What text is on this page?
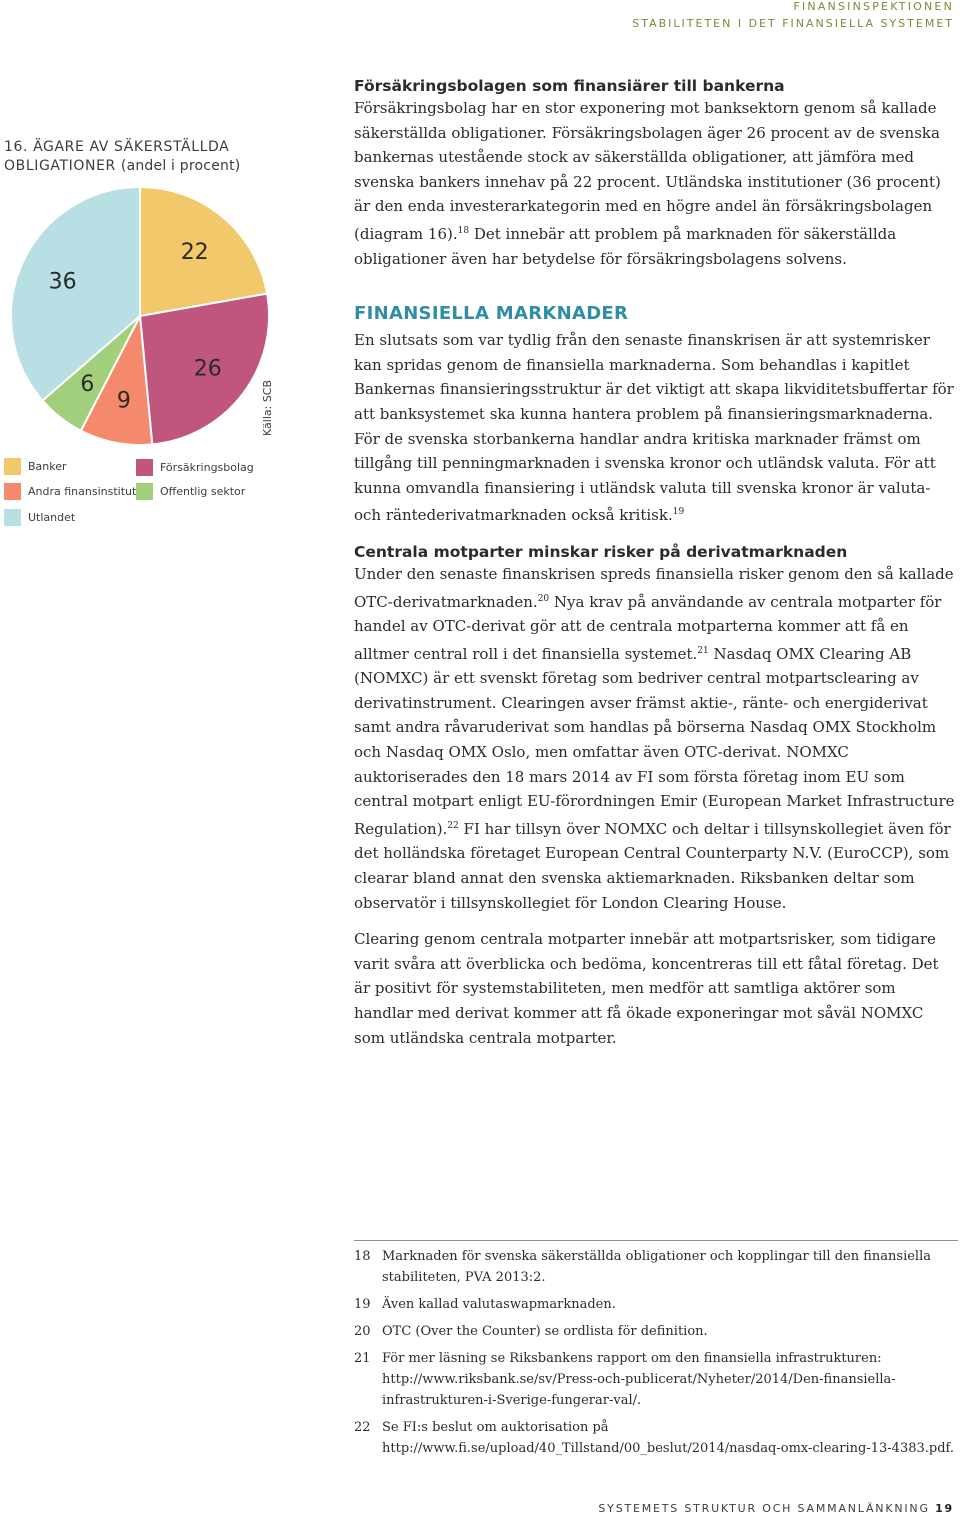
FINANSINSPEKTIONEN
STABILITETEN I DET FINANSIELLA SYSTEMET
16. ÄGARE AV SÄKERSTÄLLDA OBLIGATIONER (andel i procent)
22
26
9
6
36
Källa: SCB
Banker	Försäkringsbolag
Andra finansinstitut Offentlig sektor
Utlandet
Försäkringsbolagen som finansiärer till bankerna

Försäkringsbolag har en stor exponering mot banksektorn genom så kallade säkerställda obligationer. Försäkringsbolagen äger 26 procent av de svenska bankernas utestående stock av säkerställda obligationer, att jämföra med svenska bankers innehav på 22 procent. Utländska institutioner (36 procent) är den enda investerarkategorin med en högre andel än försäkringsbolagen (diagram 16).$^{18}$ Det innebär att problem på marknaden för säkerställda obligationer även har betydelse för försäkringsbolagens solvens.

FINANSIELLA MARKNADER

En slutsats som var tydlig från den senaste finanskrisen är att systemrisker kan spridas genom de finansiella marknaderna. Som behandlas i kapitlet Bankernas finansieringsstruktur är det viktigt att skapa likviditetsbuffertar för att banksystemet ska kunna hantera problem på finansieringsmarknaderna. För de svenska storbankerna handlar andra kritiska marknader främst om tillgång till penningmarknaden i svenska kronor och utländsk valuta. För att kunna omvandla finansiering i utländsk valuta till svenska kronor är valuta- och räntederivatmarknaden också kritisk.$^{19}$

Centrala motparter minskar risker på derivatmarknaden

Under den senaste finanskrisen spreds finansiella risker genom den så kallade OTC-derivatmarknaden.$^{20}$ Nya krav på användande av centrala motparter för handel av OTC-derivat gör att de centrala motparterna kommer att få en alltmer central roll i det finansiella systemet.$^{21}$ Nasdaq OMX Clearing AB (NOMXC) är ett svenskt företag som bedriver central motpartsclearing av derivatinstrument. Clearingen avser främst aktie-, ränte- och energiderivat samt andra råvaruderivat som handlas på börserna Nasdaq OMX Stockholm och Nasdaq OMX Oslo, men omfattar även OTC-derivat. NOMXC auktoriserades den 18 mars 2014 av FI som första företag inom EU som central motpart enligt EU-förordningen Emir (European Market Infrastructure Regulation).$^{22}$ FI har tillsyn över NOMXC och deltar i tillsynskollegiet även för det holländska företaget European Central Counterparty N.V. (EuroCCP), som clearar bland annat den svenska aktiemarknaden. Riksbanken deltar som observatör i tillsynskollegiet för London Clearing House.

Clearing genom centrala motparter innebär att motpartsrisker, som tidigare varit svåra att överblicka och bedöma, koncentreras till ett fåtal företag. Det är positivt för systemstabiliteten, men medför att samtliga aktörer som handlar med derivat kommer att få ökade exponeringar mot såväl NOMXC som utländska centrala motparter.

18 Marknaden för svenska säkerställda obligationer och kopplingar till den finansiella stabiliteten, PVA 2013:2.
19 Även kallad valutaswapmarknaden.
20 OTC (Over the Counter) se ordlista för definition.
21 För mer läsning se Riksbankens rapport om den finansiella infrastrukturen: http://www.riksbank.se/sv/Press-och-publicerat/Nyheter/2014/Den-finansiella-infrastrukturen-i-Sverige-fungerar-val/.
22 Se FI:s beslut om auktorisation på http://www.fi.se/upload/40_Tillstand/00_beslut/2014/nasdaq-omx-clearing-13-4383.pdf.
SYSTEMETS STRUKTUR OCH SAMMANLÄNKNING 19
